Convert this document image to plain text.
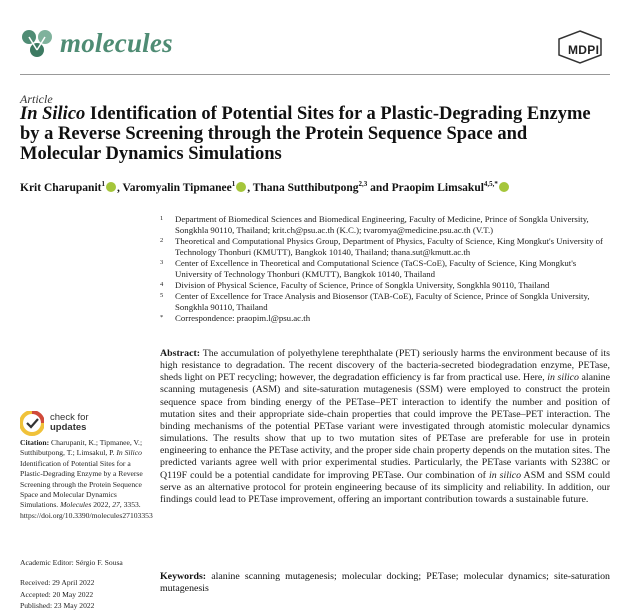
molecules	MDPI
Article
In Silico Identification of Potential Sites for a Plastic-Degrading Enzyme by a Reverse Screening through the Protein Sequence Space and Molecular Dynamics Simulations
Krit Charupanit$^1$ , Varomyalin Tipmanee$^1$ , Thana Sutthibutpong$^{2,3}$ and Praopim Limsakul$^{4,5,*}$
1 Department of Biomedical Sciences and Biomedical Engineering, Faculty of Medicine, Prince of Songkla University, Songkhla 90110, Thailand; krit.ch@psu.ac.th (K.C.); tvaromya@medicine.psu.ac.th (V.T.)
2 Theoretical and Computational Physics Group, Department of Physics, Faculty of Science, King Mongkut's University of Technology Thonburi (KMUTT), Bangkok 10140, Thailand; thana.sut@kmutt.ac.th
3 Center of Excellence in Theoretical and Computational Science (TaCS-CoE), Faculty of Science, King Mongkut's University of Technology Thonburi (KMUTT), Bangkok 10140, Thailand
4 Division of Physical Science, Faculty of Science, Prince of Songkla University, Songkhla 90110, Thailand
5 Center of Excellence for Trace Analysis and Biosensor (TAB-CoE), Faculty of Science, Prince of Songkla University, Songkhla 90110, Thailand
* Correspondence: praopim.l@psu.ac.th
Abstract: The accumulation of polyethylene terephthalate (PET) seriously harms the environment because of its high resistance to degradation. The recent discovery of the bacteria-secreted biodegradation enzyme, PETase, sheds light on PET recycling; however, the degradation efficiency is far from practical use. Here, in silico alanine scanning mutagenesis (ASM) and site-saturation mutagenesis (SSM) were employed to construct the protein sequence space from binding energy of the PETase–PET interaction to identify the number and position of mutation sites and their appropriate side-chain properties that could improve the PETase–PET interaction. The binding mechanisms of the potential PETase variant were investigated through atomistic molecular dynamics simulations. The results show that up to two mutation sites of PETase are preferable for use in protein engineering to enhance the PETase activity, and the proper side chain property depends on the mutation sites. The predicted variants agree well with prior experimental studies. Particularly, the PETase variants with S238C or Q119F could be a potential candidate for improving PETase. Our combination of in silico ASM and SSM could serve as an alternative protocol for protein engineering because of its simplicity and reliability. In addition, our findings could lead to PETase improvement, offering an important contribution towards a sustainable future.
Keywords: alanine scanning mutagenesis; molecular docking; PETase; molecular dynamics; site-saturation mutagenesis
check for
updates
Citation: Charupanit, K.; Tipmanee, V.; Sutthibutpong, T.; Limsakul, P. In Silico Identification of Potential Sites for a Plastic-Degrading Enzyme by a Reverse Screening through the Protein Sequence Space and Molecular Dynamics Simulations. Molecules 2022, 27, 3353. https://doi.org/10.3390/molecules27103353
Academic Editor: Sérgio F. Sousa
Received: 29 April 2022
Accepted: 20 May 2022
Published: 23 May 2022
